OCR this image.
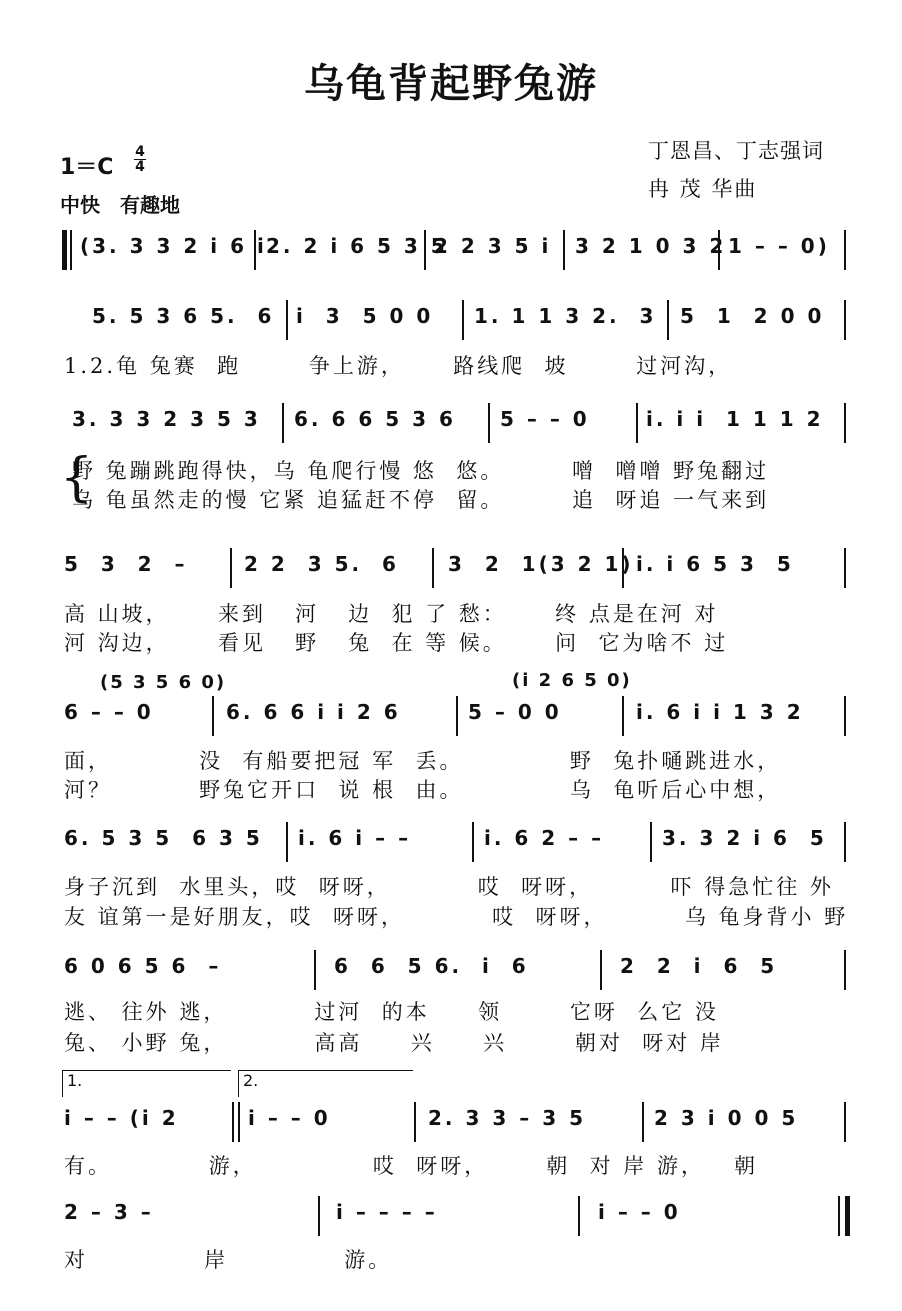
乌龟背起野兔游
丁恩昌、丁志强词
冉 茂 华曲
1＝C
4
4
中快　有趣地
(3. 3 3 2 i 6 i 2. 2 i 6 5 3 5
2 2 3 5 i 3 2 1 0 3 2 1 – – 0)
5. 5 3 6 5.  6 i  3  5 0 0 1. 1 1 3 2.  3 5  1  2 0 0
1.2.龟 兔赛  跑       争上游，     路线爬  坡       过河沟，
3. 3 3 2 3 5 3 6. 6 6 5 3 6 5 – – 0	i. i i  1 1 1 2
{
野 兔蹦跳跑得快，乌 龟爬行慢 悠  悠。       噌  噌噌 野兔翻过
乌 龟虽然走的慢 它紧 追猛赶不停  留。       追  呀追 一气来到
5  3  2  –	2 2  3 5.  6 3  2  1(3 2 1) i. i 6 5 3  5
高 山坡，     来到   河   边  犯 了 愁：     终 点是在河 对
河 沟边，     看见   野   兔  在 等 候。     问  它为啥不 过
(5 3 5 6 0)	(i 2 6 5 0)
6 – – 0	6. 6 6 i i 2 6	5 – 0 0	i. 6 i i 1 3 2
面，         没  有船要把冠 军  丢。           野  兔扑嗵跳进水，
河？         野兔它开口  说 根  由。           乌  龟听后心中想，
6. 5 3 5  6 3 5 i. 6 i – –	i. 6 2 – –	3. 3 2 i 6  5
身子沉到  水里头，哎  呀呀，         哎  呀呀，        吓 得急忙往 外
友 谊第一是好朋友，哎  呀呀，         哎  呀呀，        乌 龟身背小 野
6 0 6 5 6  –	6  6  5 6.  i  6	2  2  i  6  5
逃、 往外 逃，         过河  的本     领       它呀  么它 没
兔、 小野 兔，         高高     兴     兴       朝对  呀对 岸
1.	2.
i – – (i 2	i – – 0	2. 3 3 – 3 5	2 3 i 0 0 5
有。          游，            哎  呀呀，      朝  对 岸 游，   朝
2 – 3 –	i – – – –	i – – 0
对            岸            游。
